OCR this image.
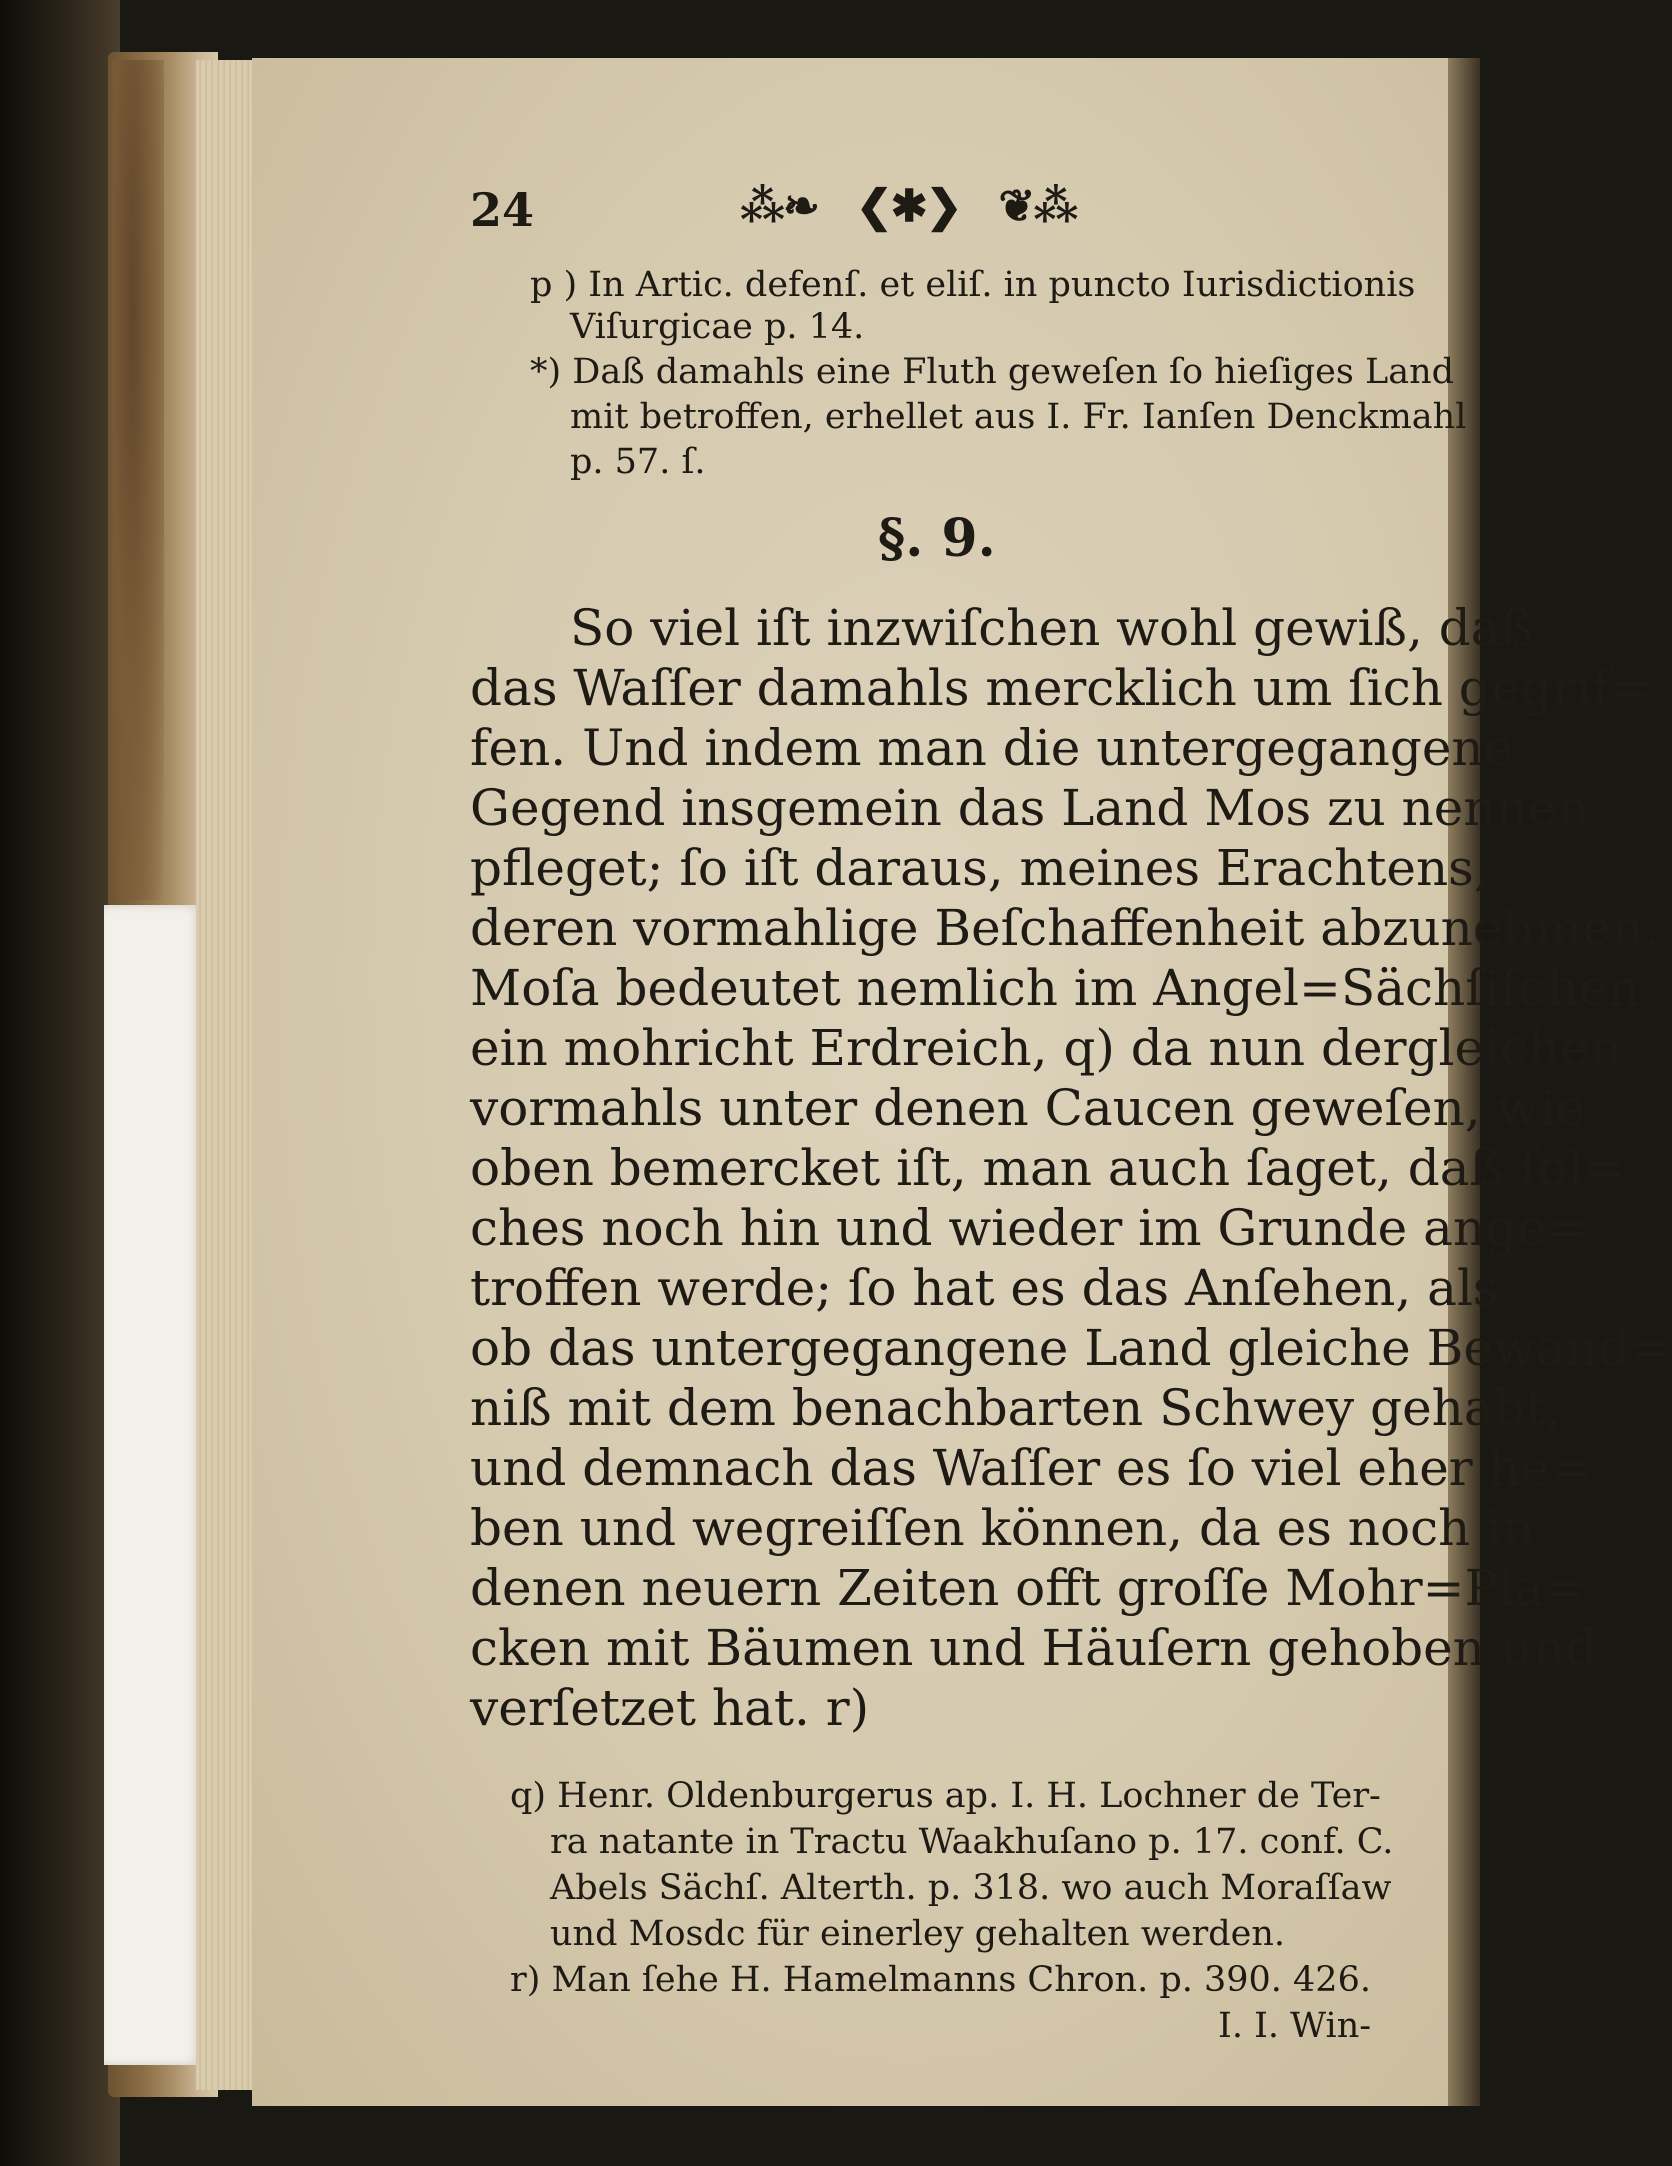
24	⁂❧ ❮✱❯ ❦⁂
p ) In Artic. defenſ. et eliſ. in puncto Iurisdictionis
Viſurgicae p. 14.
*) Daß damahls eine Fluth geweſen ſo hieſiges Land
mit betroffen, erhellet aus I. Fr. Ianſen Denckmahl
p. 57. ſ.
§. 9.
So viel iſt inzwiſchen wohl gewiß, daß
das Waſſer damahls mercklich um ſich gegrif=
fen. Und indem man die untergegangene
Gegend insgemein das Land Mos zu nennen
pfleget; ſo iſt daraus, meines Erachtens,
deren vormahlige Beſchaffenheit abzunehmen.
Moſa bedeutet nemlich im Angel=Sächſiſchen
ein mohricht Erdreich, q) da nun dergleichen
vormahls unter denen Caucen geweſen, wie
oben bemercket iſt, man auch ſaget, daß ſol=
ches noch hin und wieder im Grunde ange=
troffen werde; ſo hat es das Anſehen, als
ob das untergegangene Land gleiche Bewand=
niß mit dem benachbarten Schwey gehabt,
und demnach das Waſſer es ſo viel eher he=
ben und wegreiſſen können, da es noch in
denen neuern Zeiten offt groſſe Mohr=Pla=
cken mit Bäumen und Häuſern gehoben und
verſetzet hat. r)
q) Henr. Oldenburgerus ap. I. H. Lochner de Ter-
ra natante in Tractu Waakhuſano p. 17. conf. C.
Abels Sächſ. Alterth. p. 318. wo auch Moraſſaw
und Mosdc für einerley gehalten werden.
r) Man ſehe H. Hamelmanns Chron. p. 390. 426.
I. I. Win-
